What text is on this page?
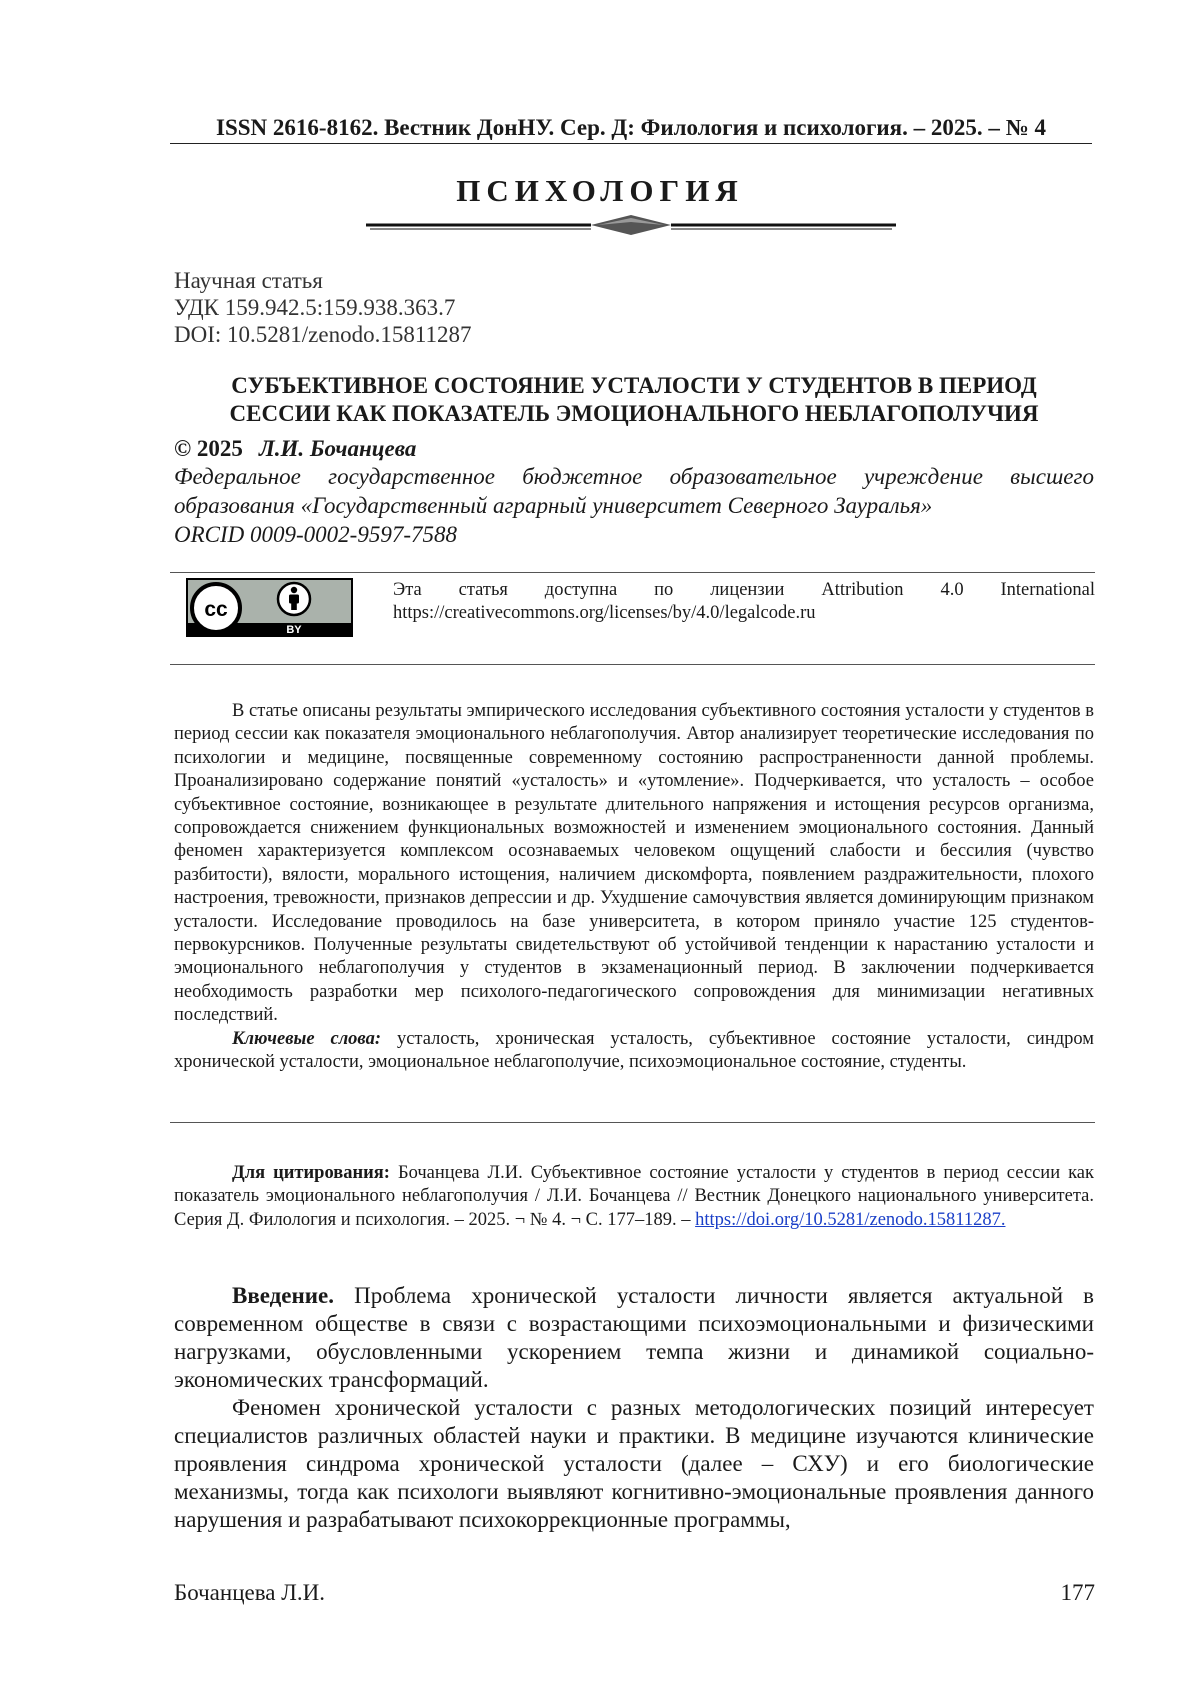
ISSN 2616-8162. Вестник ДонНУ. Сер. Д: Филология и психология. – 2025. – № 4
ПСИХОЛОГИЯ
Научная статья
УДК 159.942.5:159.938.363.7
DOI: 10.5281/zenodo.15811287
СУБЪЕКТИВНОЕ СОСТОЯНИЕ УСТАЛОСТИ У СТУДЕНТОВ В ПЕРИОД
СЕССИИ КАК ПОКАЗАТЕЛЬ ЭМОЦИОНАЛЬНОГО НЕБЛАГОПОЛУЧИЯ
© 2025 Л.И. Бочанцева
Федеральное государственное бюджетное образовательное учреждение высшего
образования «Государственный аграрный университет Северного Зауралья»
ORCID 0009-0002-9597-7588
cc
BY
Эта статья доступна по лицензии Attribution 4.0 International
https://creativecommons.org/licenses/by/4.0/legalcode.ru

В статье описаны результаты эмпирического исследования субъективного состояния усталости у студентов в период сессии как показателя эмоционального неблагополучия. Автор анализирует теоретические исследования по психологии и медицине, посвященные современному состоянию распространенности данной проблемы. Проанализировано содержание понятий «усталость» и «утомление». Подчеркивается, что усталость – особое субъективное состояние, возникающее в результате длительного напряжения и истощения ресурсов организма, сопровождается снижением функциональных возможностей и изменением эмоционального состояния. Данный феномен характеризуется комплексом осознаваемых человеком ощущений слабости и бессилия (чувство разбитости), вялости, морального истощения, наличием дискомфорта, появлением раздражительности, плохого настроения, тревожности, признаков депрессии и др. Ухудшение самочувствия является доминирующим признаком усталости. Исследование проводилось на базе университета, в котором приняло участие 125 студентов-первокурсников. Полученные результаты свидетельствуют об устойчивой тенденции к нарастанию усталости и эмоционального неблагополучия у студентов в экзаменационный период. В заключении подчеркивается необходимость разработки мер психолого-педагогического сопровождения для минимизации негативных последствий.

Ключевые слова: усталость, хроническая усталость, субъективное состояние усталости, синдром хронической усталости, эмоциональное неблагополучие, психоэмоциональное состояние, студенты.

Для цитирования: Бочанцева Л.И. Субъективное состояние усталости у студентов в период сессии как показатель эмоционального неблагополучия / Л.И. Бочанцева // Вестник Донецкого национального университета. Серия Д. Филология и психология. – 2025. ¬ № 4. ¬ С. 177–189. – https://doi.org/10.5281/zenodo.15811287.

Введение. Проблема хронической усталости личности является актуальной в современном обществе в связи с возрастающими психоэмоциональными и физическими нагрузками, обусловленными ускорением темпа жизни и динамикой социально-экономических трансформаций.

Феномен хронической усталости с разных методологических позиций интересует специалистов различных областей науки и практики. В медицине изучаются клинические проявления синдрома хронической усталости (далее – СХУ) и его биологические механизмы, тогда как психологи выявляют когнитивно-эмоциональные проявления данного нарушения и разрабатывают психокоррекционные программы,

Бочанцева Л.И.	177
